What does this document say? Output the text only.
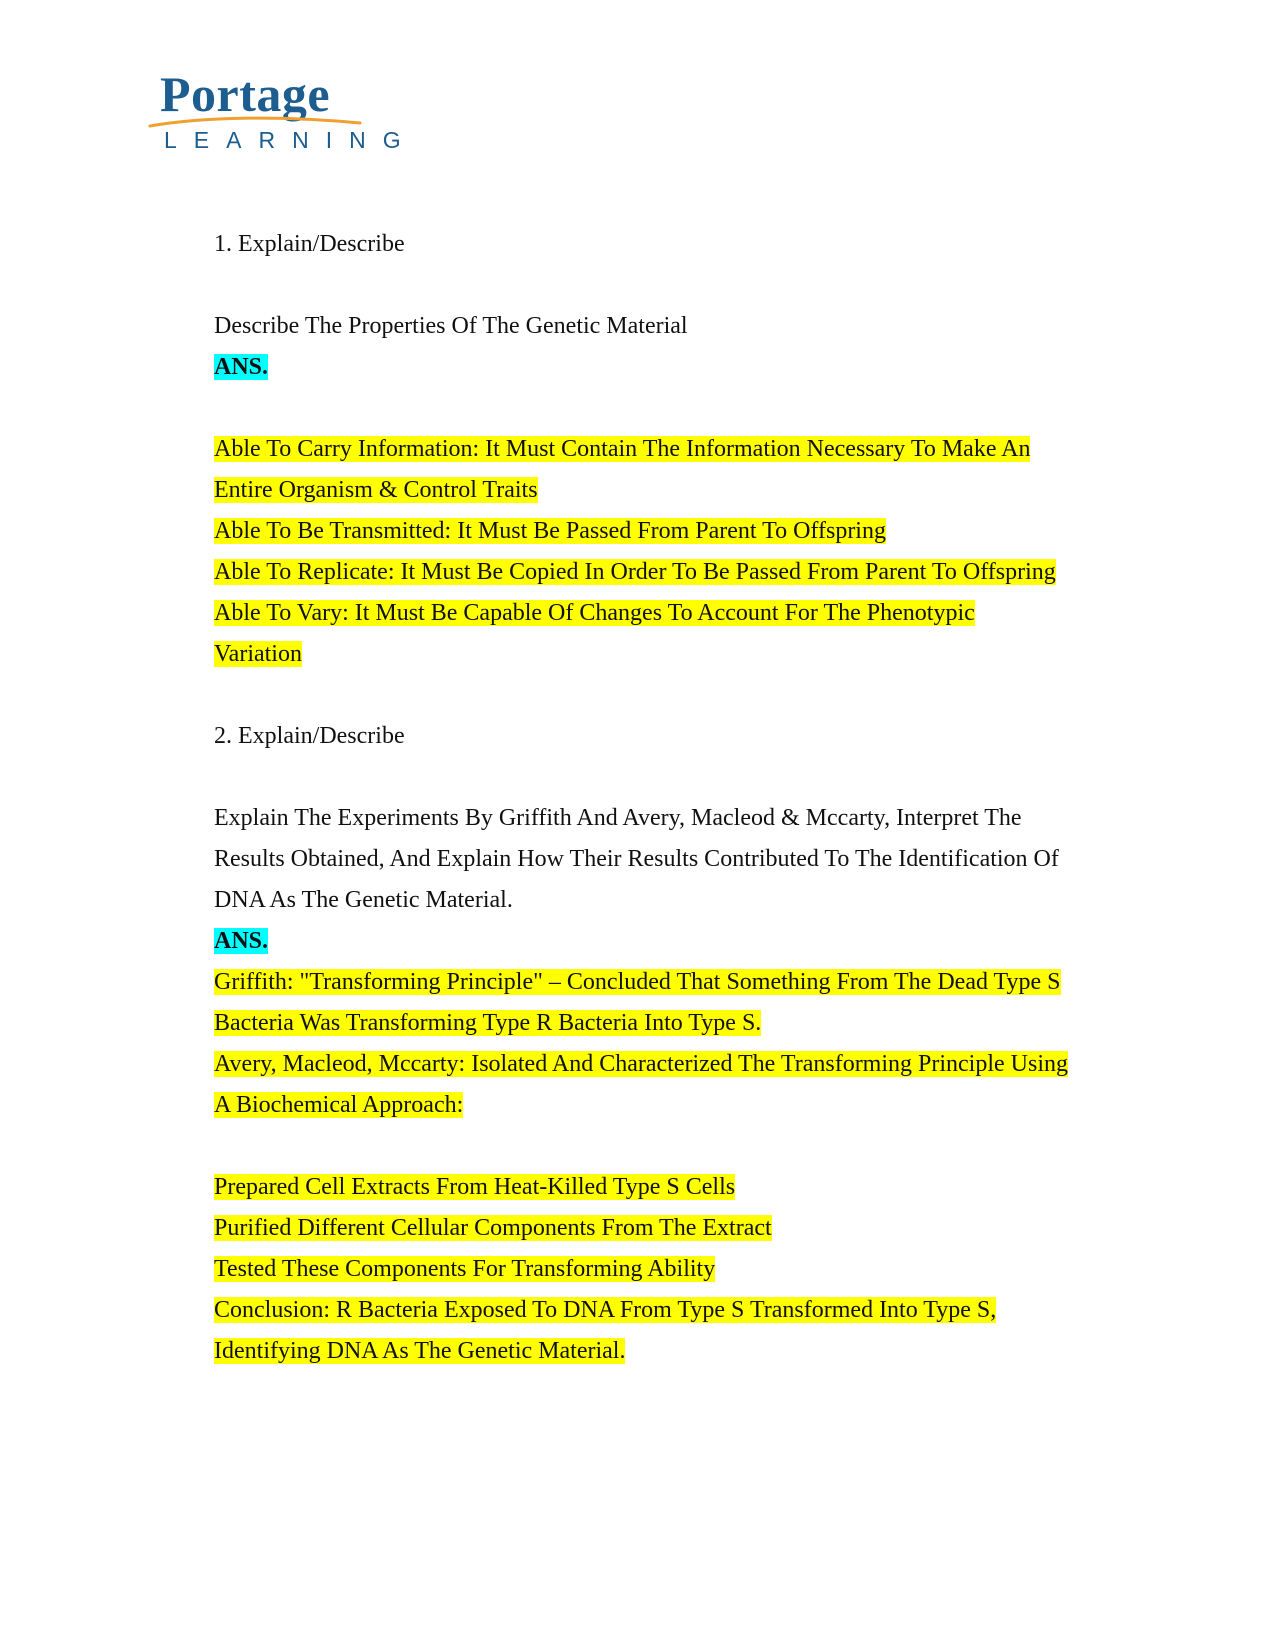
Portage
LEARNING
1. Explain/Describe
Describe The Properties Of The Genetic Material
ANS.
Able To Carry Information: It Must Contain The Information Necessary To Make An
Entire Organism & Control Traits
Able To Be Transmitted: It Must Be Passed From Parent To Offspring
Able To Replicate: It Must Be Copied In Order To Be Passed From Parent To Offspring
Able To Vary: It Must Be Capable Of Changes To Account For The Phenotypic
Variation
2. Explain/Describe
Explain The Experiments By Griffith And Avery, Macleod & Mccarty, Interpret The
Results Obtained, And Explain How Their Results Contributed To The Identification Of
DNA As The Genetic Material.
ANS.
Griffith: "Transforming Principle" – Concluded That Something From The Dead Type S
Bacteria Was Transforming Type R Bacteria Into Type S.
Avery, Macleod, Mccarty: Isolated And Characterized The Transforming Principle Using
A Biochemical Approach:
Prepared Cell Extracts From Heat-Killed Type S Cells
Purified Different Cellular Components From The Extract
Tested These Components For Transforming Ability
Conclusion: R Bacteria Exposed To DNA From Type S Transformed Into Type S,
Identifying DNA As The Genetic Material.
